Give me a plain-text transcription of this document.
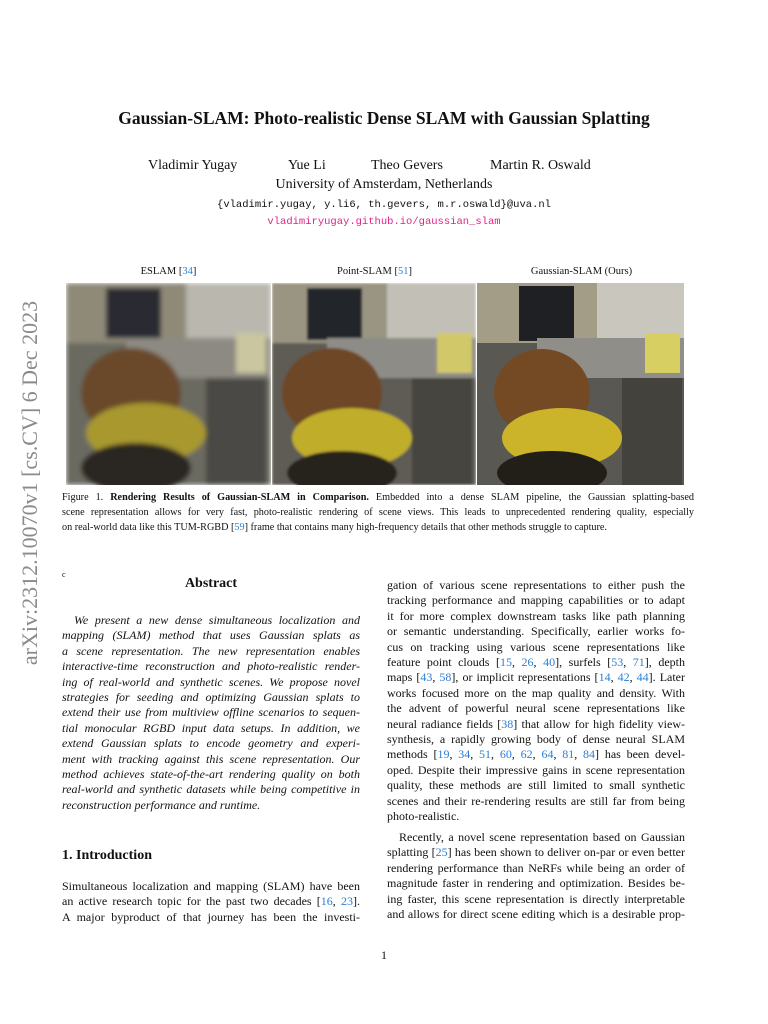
arXiv:2312.10070v1 [cs.CV] 6 Dec 2023
Gaussian-SLAM: Photo-realistic Dense SLAM with Gaussian Splatting
Vladimir Yugay	Yue Li	Theo Gevers	Martin R. Oswald
University of Amsterdam, Netherlands
{vladimir.yugay, y.li6, th.gevers, m.r.oswald}@uva.nl
vladimiryugay.github.io/gaussian_slam
ESLAM [34]	Point-SLAM [51]	Gaussian-SLAM (Ours)
Figure 1. Rendering Results of Gaussian-SLAM in Comparison. Embedded into a dense SLAM pipeline, the Gaussian splatting-based
scene representation allows for very fast, photo-realistic rendering of scene views. This leads to unprecedented rendering quality, especially
on real-world data like this TUM-RGBD [59] frame that contains many high-frequency details that other methods struggle to capture.
c
Abstract
We present a new dense simultaneous localization and
mapping (SLAM) method that uses Gaussian splats as
a scene representation. The new representation enables
interactive-time reconstruction and photo-realistic render-
ing of real-world and synthetic scenes. We propose novel
strategies for seeding and optimizing Gaussian splats to
extend their use from multiview offline scenarios to sequen-
tial monocular RGBD input data setups. In addition, we
extend Gaussian splats to encode geometry and experi-
ment with tracking against this scene representation. Our
method achieves state-of-the-art rendering quality on both
real-world and synthetic datasets while being competitive in
reconstruction performance and runtime.
1. Introduction
Simultaneous localization and mapping (SLAM) have been
an active research topic for the past two decades [16, 23].
A major byproduct of that journey has been the investi-
gation of various scene representations to either push the
tracking performance and mapping capabilities or to adapt
it for more complex downstream tasks like path planning
or semantic understanding. Specifically, earlier works fo-
cus on tracking using various scene representations like
feature point clouds [15, 26, 40], surfels [53, 71], depth
maps [43, 58], or implicit representations [14, 42, 44]. Later
works focused more on the map quality and density. With
the advent of powerful neural scene representations like
neural radiance fields [38] that allow for high fidelity view-
synthesis, a rapidly growing body of dense neural SLAM
methods [19, 34, 51, 60, 62, 64, 81, 84] has been devel-
oped. Despite their impressive gains in scene representation
quality, these methods are still limited to small synthetic
scenes and their re-rendering results are still far from being
photo-realistic.
Recently, a novel scene representation based on Gaussian
splatting [25] has been shown to deliver on-par or even better
rendering performance than NeRFs while being an order of
magnitude faster in rendering and optimization. Besides be-
ing faster, this scene representation is directly interpretable
and allows for direct scene editing which is a desirable prop-
1
